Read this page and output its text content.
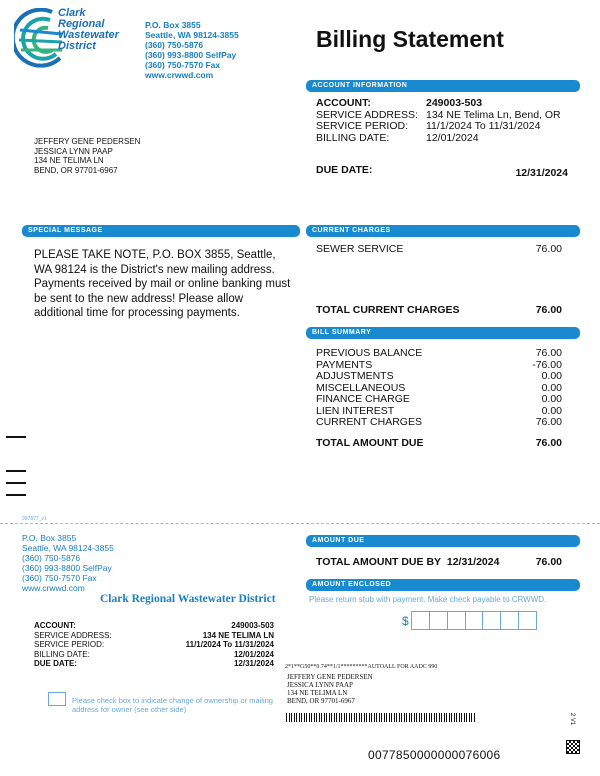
Clark
Regional
Wastewater
District
P.O. Box 3855
Seattle, WA 98124-3855
(360) 750-5876
(360) 993-8800 SelfPay
(360) 750-7570 Fax
www.crwwd.com
Billing Statement
JEFFERY GENE PEDERSEN
JESSICA LYNN PAAP
134 NE TELIMA LN
BEND, OR 97701-6967
ACCOUNT INFORMATION
ACCOUNT:	249003-503
SERVICE ADDRESS: 134 NE Telima Ln, Bend, OR
SERVICE PERIOD:	11/1/2024 To 11/31/2024
BILLING DATE:	12/01/2024
DUE DATE:	12/31/2024
SPECIAL MESSAGE
PLEASE TAKE NOTE, P.O. BOX 3855, Seattle, WA 98124 is the District's new mailing address. Payments received by mail or online banking must be sent to the new address! Please allow additional time for processing payments.
CURRENT CHARGES
SEWER SERVICE	76.00
TOTAL CURRENT CHARGES	76.00
BILL SUMMARY
PREVIOUS BALANCE	76.00
PAYMENTS	-76.00
ADJUSTMENTS	0.00
MISCELLANEOUS	0.00
FINANCE CHARGE	0.00
LIEN INTEREST	0.00
CURRENT CHARGES	76.00
TOTAL AMOUNT DUE	76.00
997877_v1
P.O. Box 3855
Seattle, WA 98124-3855
(360) 750-5876
(360) 993-8800 SelfPay
(360) 750-7570 Fax
www.crwwd.com
Clark Regional Wastewater District
ACCOUNT:	249003-503
SERVICE ADDRESS:	134 NE TELIMA LN
SERVICE PERIOD:	11/1/2024 To 11/31/2024
BILLING DATE:	12/01/2024
DUE DATE:	12/31/2024
Please check box to indicate change of ownership or mailing address for owner (see other side)
AMOUNT DUE
TOTAL AMOUNT DUE BY 12/31/2024	76.00
AMOUNT ENCLOSED
Please return stub with payment. Make check payable to CRWWD.
$
2*1**G50**0.74**1/1*********AUTOALL FOR AADC 990
JEFFERY GENE PEDERSEN
JESSICA LYNN PAAP
134 NE TELIMA LN
BEND, OR 97701-6967
2 V1
0077850000000076006
